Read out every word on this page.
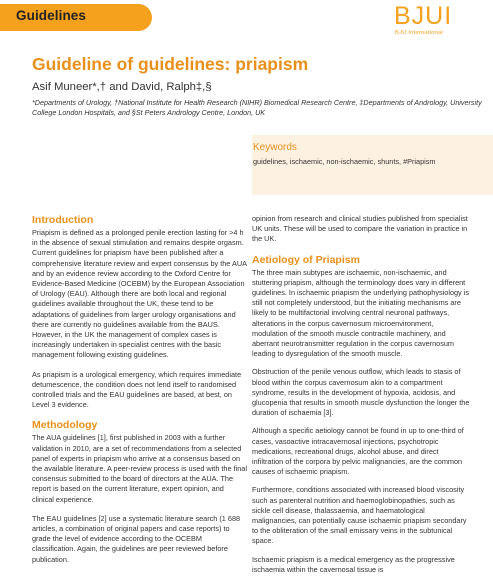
Guidelines	BJUI
BJU International
Guideline of guidelines: priapism
Asif Muneer*,† and David, Ralph‡,§
*Departments of Urology, †National Institute for Health Research (NIHR) Biomedical Research Centre, ‡Departments of Andrology, University College London Hospitals, and §St Peters Andrology Centre, London, UK
Keywords
guidelines, ischaemic, non-ischaemic, shunts, #Priapism
Introduction

Priapism is defined as a prolonged penile erection lasting for >4 h in the absence of sexual stimulation and remains despite orgasm. Current guidelines for priapism have been published after a comprehensive literature review and expert consensus by the AUA and by an evidence review according to the Oxford Centre for Evidence-Based Medicine (OCEBM) by the European Association of Urology (EAU). Although there are both local and regional guidelines available throughout the UK, these tend to be adaptations of guidelines from larger urology organisations and there are currently no guidelines available from the BAUS. However, in the UK the management of complex cases is increasingly undertaken in specialist centres with the basic management following existing guidelines.

As priapism is a urological emergency, which requires immediate detumescence, the condition does not lend itself to randomised controlled trials and the EAU guidelines are based, at best, on Level 3 evidence.

Methodology

The AUA guidelines [1], first published in 2003 with a further validation in 2010, are a set of recommendations from a selected panel of experts in priapism who arrive at a consensus based on the available literature. A peer-review process is used with the final consensus submitted to the board of directors at the AUA. The report is based on the current literature, expert opinion, and clinical experience.

The EAU guidelines [2] use a systematic literature search (1 688 articles, a combination of original papers and case reports) to grade the level of evidence according to the OCEBM classification. Again, the guidelines are peer reviewed before publication.

opinion from research and clinical studies published from specialist UK units. These will be used to compare the variation in practice in the UK.

Aetiology of Priapism

The three main subtypes are ischaemic, non-ischaemic, and stuttering priapism, although the terminology does vary in different guidelines. In ischaemic priapism the underlying pathophysiology is still not completely understood, but the initiating mechanisms are likely to be multifactorial involving central neuronal pathways, alterations in the corpus cavernosum microenvironment, modulation of the smooth muscle contractile machinery, and aberrant neurotransmitter regulation in the corpus cavernosum leading to dysregulation of the smooth muscle.

Obstruction of the penile venous outflow, which leads to stasis of blood within the corpus cavernosum akin to a compartment syndrome, results in the development of hypoxia, acidosis, and glucopenia that results in smooth muscle dysfunction the longer the duration of ischaemia [3].

Although a specific aetiology cannot be found in up to one-third of cases, vasoactive intracavernosal injections, psychotropic medications, recreational drugs, alcohol abuse, and direct infiltration of the corpora by pelvic malignancies, are the common causes of ischaemic priapism.

Furthermore, conditions associated with increased blood viscosity such as parenteral nutrition and haemoglobinopathies, such as sickle cell disease, thalassaemia, and haematological malignancies, can potentially cause ischaemic priapism secondary to the obliteration of the small emissary veins in the subtunical space.

Ischaemic priapism is a medical emergency as the progressive ischaemia within the cavernosal tissue is
